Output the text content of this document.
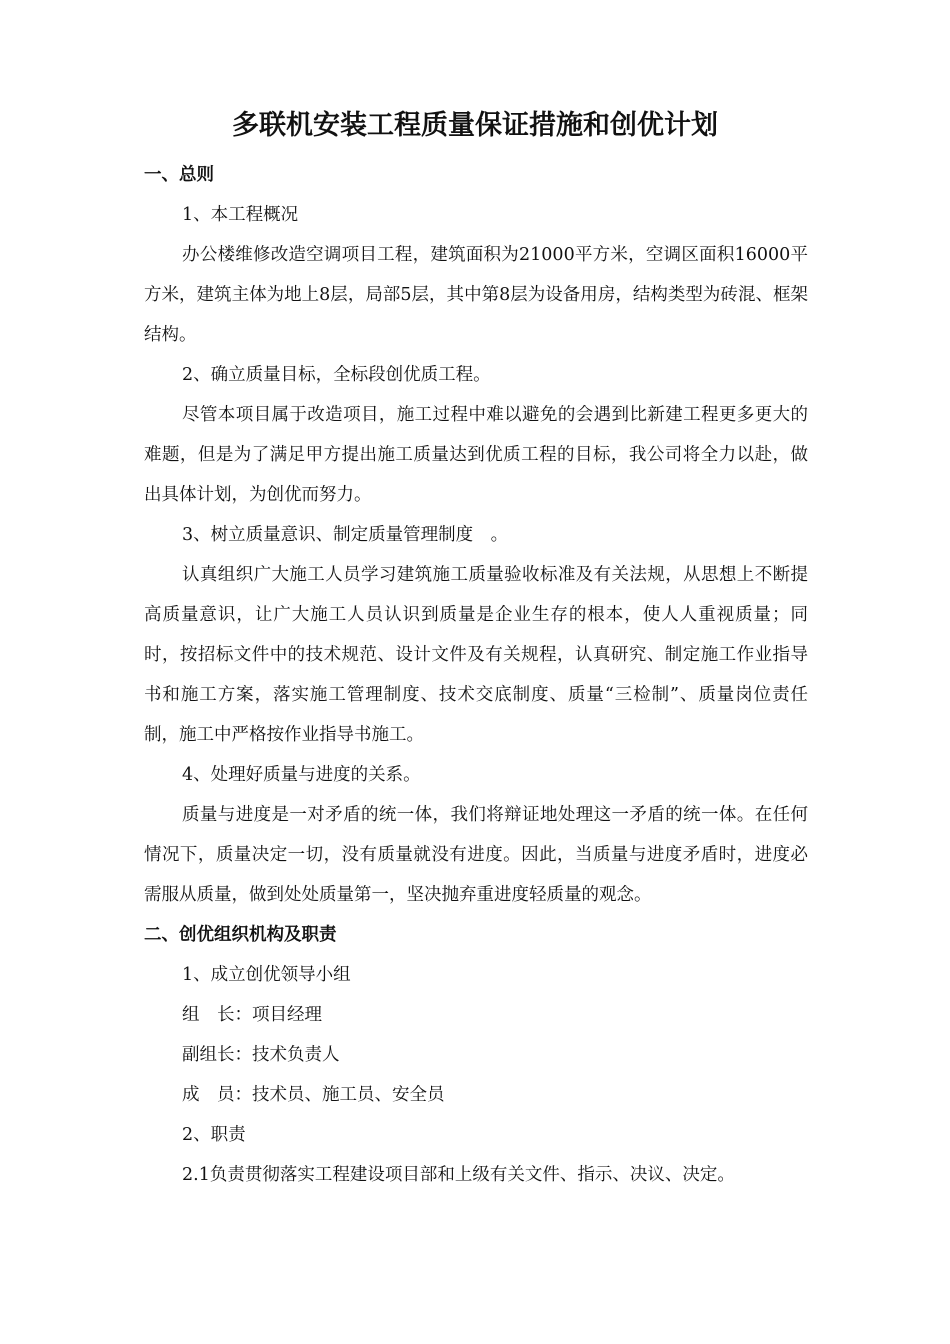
多联机安装工程质量保证措施和创优计划
一、总则
1、本工程概况
办公楼维修改造空调项目工程，建筑面积为21000平方米，空调区面积16000平方米，建筑主体为地上8层，局部5层，其中第8层为设备用房，结构类型为砖混、框架结构。
2、确立质量目标，全标段创优质工程。
尽管本项目属于改造项目，施工过程中难以避免的会遇到比新建工程更多更大的难题，但是为了满足甲方提出施工质量达到优质工程的目标，我公司将全力以赴，做出具体计划，为创优而努力。
3、树立质量意识、制定质量管理制度　。
认真组织广大施工人员学习建筑施工质量验收标准及有关法规，从思想上不断提高质量意识，让广大施工人员认识到质量是企业生存的根本，使人人重视质量；同时，按招标文件中的技术规范、设计文件及有关规程，认真研究、制定施工作业指导书和施工方案，落实施工管理制度、技术交底制度、质量“三检制”、质量岗位责任制，施工中严格按作业指导书施工。
4、处理好质量与进度的关系。
质量与进度是一对矛盾的统一体，我们将辩证地处理这一矛盾的统一体。在任何情况下，质量决定一切，没有质量就没有进度。因此，当质量与进度矛盾时，进度必需服从质量，做到处处质量第一，坚决抛弃重进度轻质量的观念。
二、创优组织机构及职责
1、成立创优领导小组
组　长：项目经理
副组长：技术负责人
成　员：技术员、施工员、安全员
2、职责
2.1负责贯彻落实工程建设项目部和上级有关文件、指示、决议、决定。
